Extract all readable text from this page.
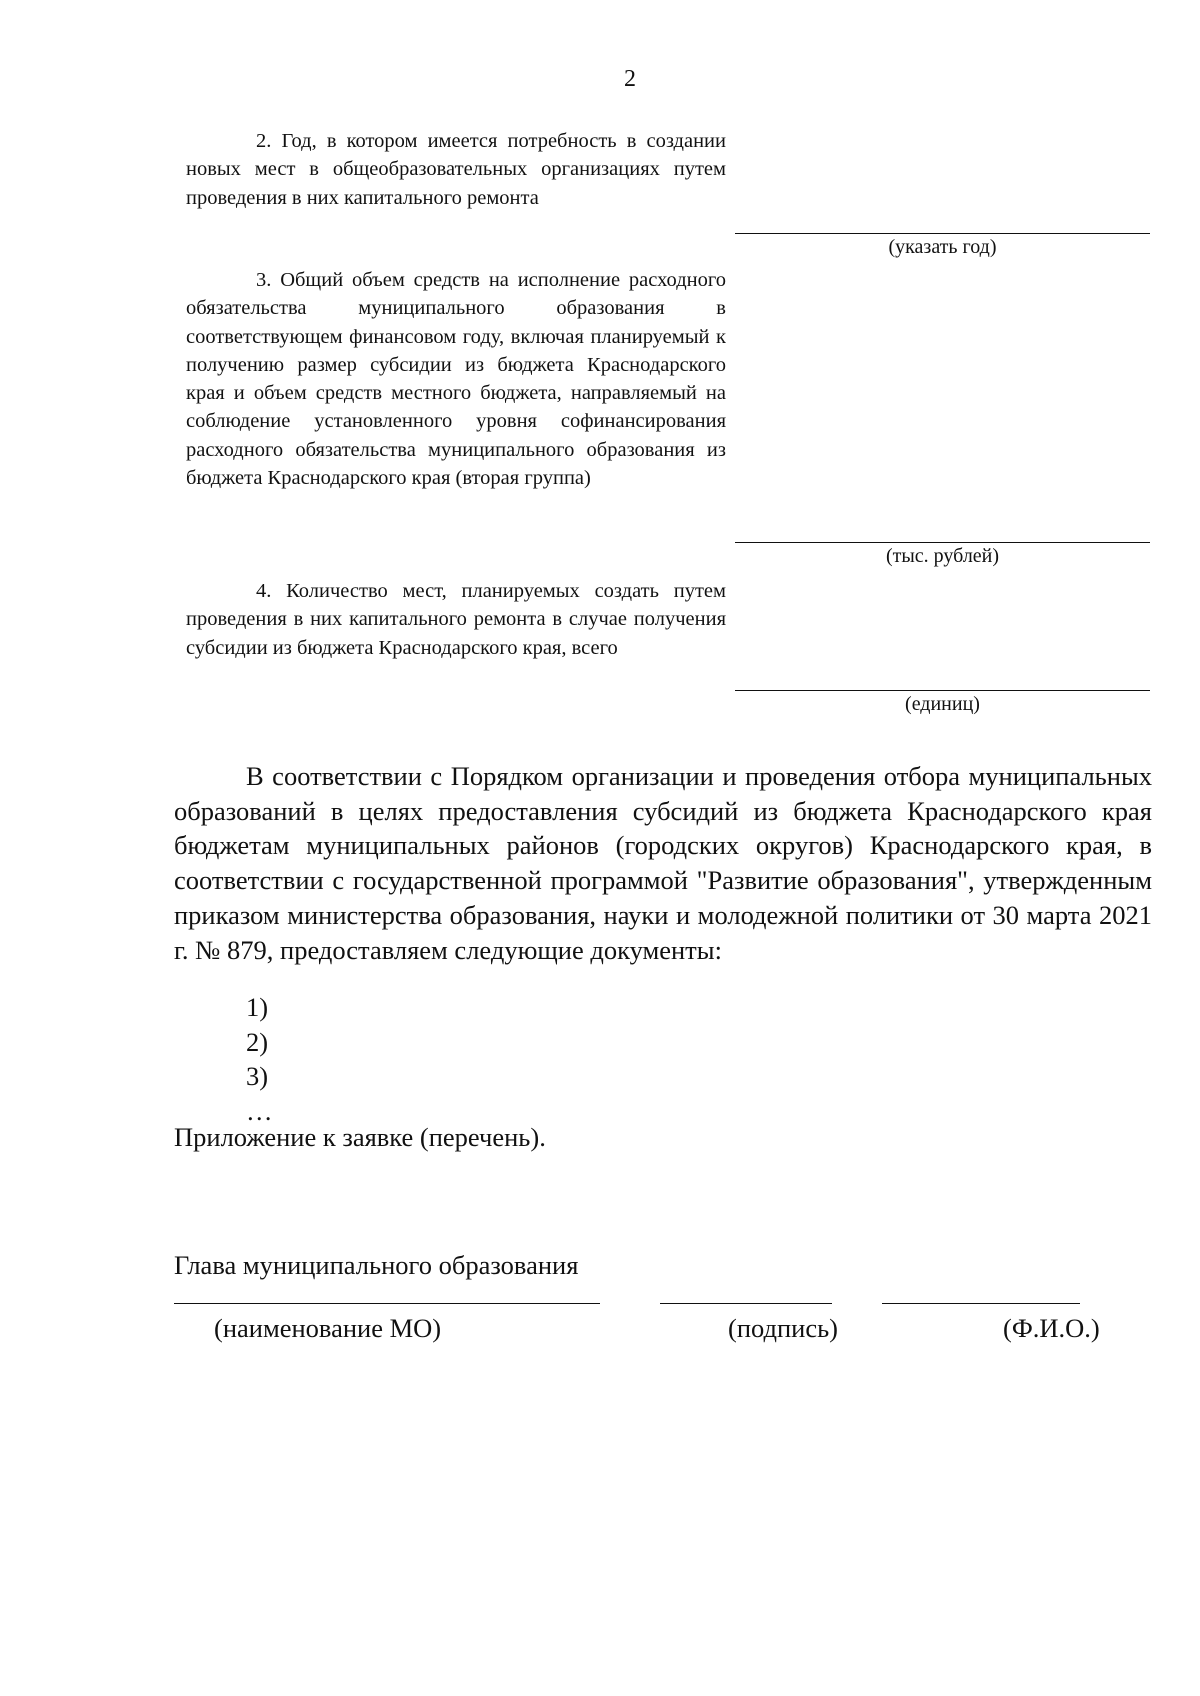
2
2. Год, в котором имеется потребность в создании новых мест в общеобразовательных организациях путем проведения в них капитального ремонта
(указать год)
3. Общий объем средств на исполнение расходного обязательства муниципального образования в соответствующем финансовом году, включая планируемый к получению размер субсидии из бюджета Краснодарского края и объем средств местного бюджета, направляемый на соблюдение установленного уровня софинансирования расходного обязательства муниципального образования из бюджета Краснодарского края (вторая группа)
(тыс. рублей)
4. Количество мест, планируемых создать путем проведения в них капитального ремонта в случае получения субсидии из бюджета Краснодарского края, всего
(единиц)
В соответствии с Порядком организации и проведения отбора муниципальных образований в целях предоставления субсидий из бюджета Краснодарского края бюджетам муниципальных районов (городских округов) Краснодарского края, в соответствии с государственной программой "Развитие образования", утвержденным приказом министерства образования, науки и молодежной политики от 30 марта 2021 г. № 879, предоставляем следующие документы:
1)
2)
3)
…
Приложение к заявке (перечень).
Глава муниципального образования
(наименование МО)	(подпись)	(Ф.И.О.)
